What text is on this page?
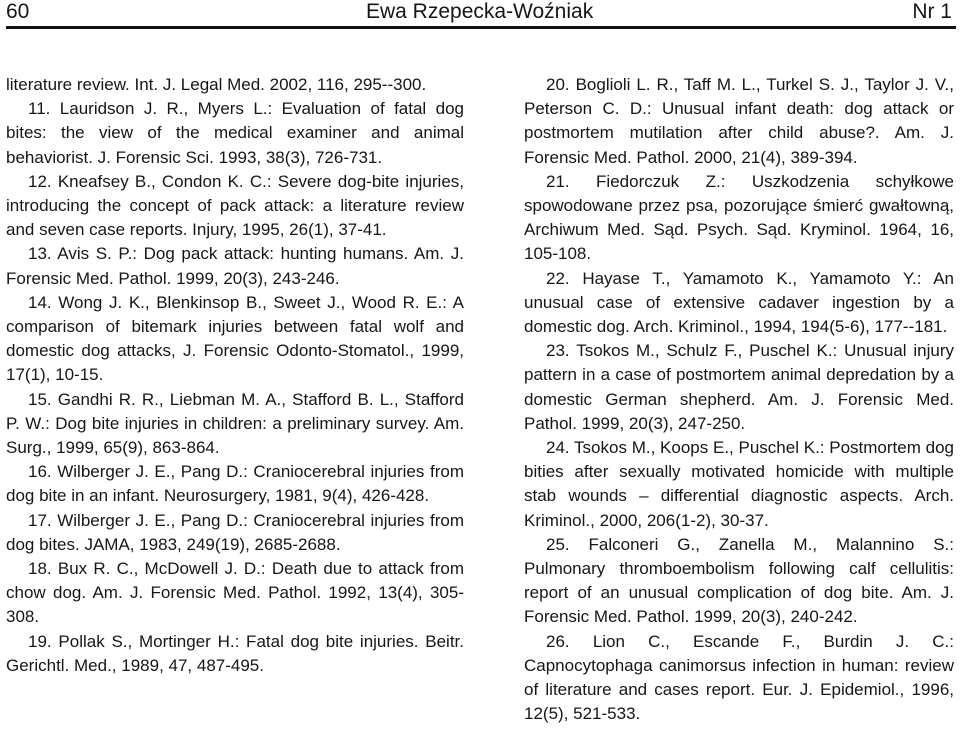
60	Ewa Rzepecka-Woźniak	Nr 1

literature review. Int. J. Legal Med. 2002, 116, 295--300.

11. Lauridson J. R., Myers L.: Evaluation of fatal dog bites: the view of the medical examiner and animal behaviorist. J. Forensic Sci. 1993, 38(3), 726-731.

12. Kneafsey B., Condon K. C.: Severe dog-bite injuries, introducing the concept of pack attack: a literature review and seven case reports. Injury, 1995, 26(1), 37-41.

13. Avis S. P.: Dog pack attack: hunting humans. Am. J. Forensic Med. Pathol. 1999, 20(3), 243-246.

14. Wong J. K., Blenkinsop B., Sweet J., Wood R. E.: A comparison of bitemark injuries between fatal wolf and domestic dog attacks, J. Forensic Odonto-Stomatol., 1999, 17(1), 10-15.

15. Gandhi R. R., Liebman M. A., Stafford B. L., Stafford P. W.: Dog bite injuries in children: a preliminary survey. Am. Surg., 1999, 65(9), 863-864.

16. Wilberger J. E., Pang D.: Craniocerebral injuries from dog bite in an infant. Neurosurgery, 1981, 9(4), 426-428.

17. Wilberger J. E., Pang D.: Craniocerebral injuries from dog bites. JAMA, 1983, 249(19), 2685-2688.

18. Bux R. C., McDowell J. D.: Death due to attack from chow dog. Am. J. Forensic Med. Pathol. 1992, 13(4), 305-308.

19. Pollak S., Mortinger H.: Fatal dog bite injuries. Beitr. Gerichtl. Med., 1989, 47, 487-495.

20. Boglioli L. R., Taff M. L., Turkel S. J., Taylor J. V., Peterson C. D.: Unusual infant death: dog attack or postmortem mutilation after child abuse?. Am. J. Forensic Med. Pathol. 2000, 21(4), 389-394.

21. Fiedorczuk Z.: Uszkodzenia schyłkowe spowodowane przez psa, pozorujące śmierć gwałtowną, Archiwum Med. Sąd. Psych. Sąd. Kryminol. 1964, 16, 105-108.

22. Hayase T., Yamamoto K., Yamamoto Y.: An unusual case of extensive cadaver ingestion by a domestic dog. Arch. Kriminol., 1994, 194(5-6), 177--181.

23. Tsokos M., Schulz F., Puschel K.: Unusual injury pattern in a case of postmortem animal depredation by a domestic German shepherd. Am. J. Forensic Med. Pathol. 1999, 20(3), 247-250.

24. Tsokos M., Koops E., Puschel K.: Postmortem dog bities after sexually motivated homicide with multiple stab wounds – differential diagnostic aspects. Arch. Kriminol., 2000, 206(1-2), 30-37.

25. Falconeri G., Zanella M., Malannino S.: Pulmonary thromboembolism following calf cellulitis: report of an unusual complication of dog bite. Am. J. Forensic Med. Pathol. 1999, 20(3), 240-242.

26. Lion C., Escande F., Burdin J. C.: Capnocytophaga canimorsus infection in human: review of literature and cases report. Eur. J. Epidemiol., 1996, 12(5), 521-533.
